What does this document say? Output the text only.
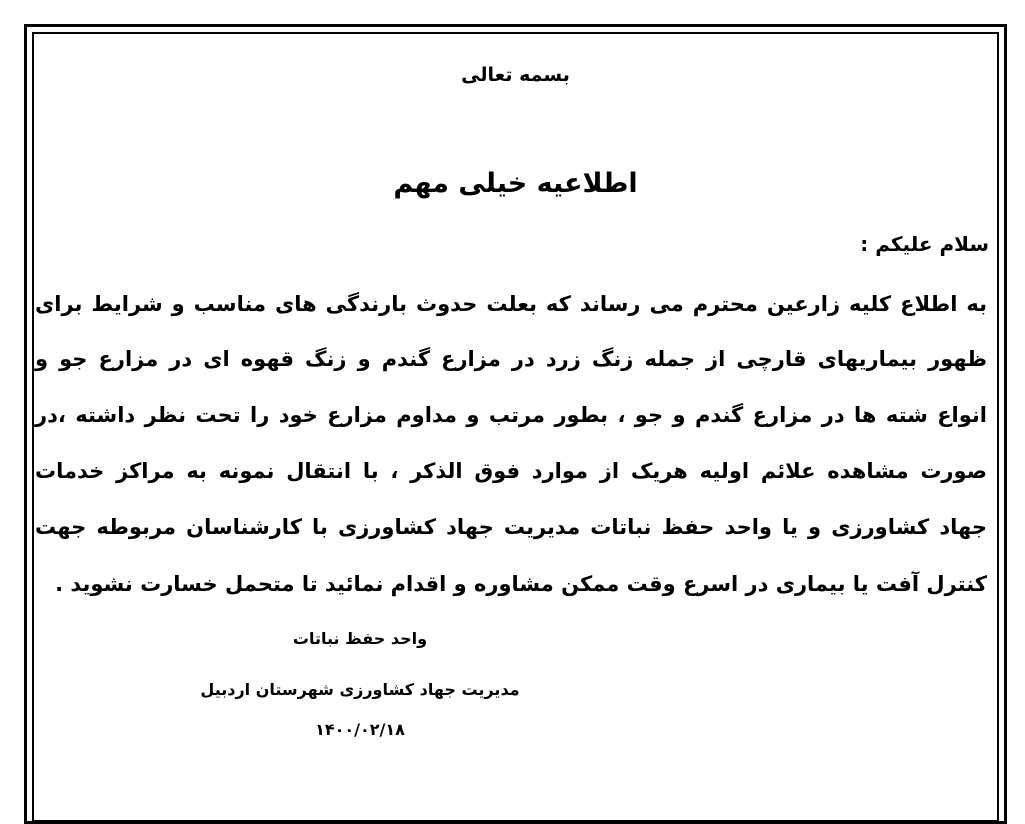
بسمه تعالی

اطلاعیه خیلی مهم

سلام علیکم :

به اطلاع کلیه زارعین محترم می رساند که بعلت حدوث بارندگی های مناسب و شرایط برای

ظهور بیماریهای قارچی از جمله زنگ زرد در مزارع گندم و زنگ قهوه ای در مزارع جو و

انواع شته ها در مزارع گندم و جو ، بطور مرتب و مداوم مزارع خود را تحت نظر داشته ،در

صورت مشاهده علائم اولیه هریک از موارد فوق الذکر ، با انتقال نمونه به مراکز خدمات

جهاد کشاورزی و یا واحد حفظ نباتات مدیریت جهاد کشاورزی با کارشناسان مربوطه جهت

کنترل آفت یا بیماری در اسرع وقت ممکن مشاوره و اقدام نمائید تا متحمل خسارت نشوید .

واحد حفظ نباتات

مدیریت جهاد کشاورزی شهرستان اردبیل

۱۴۰۰/۰۲/۱۸
